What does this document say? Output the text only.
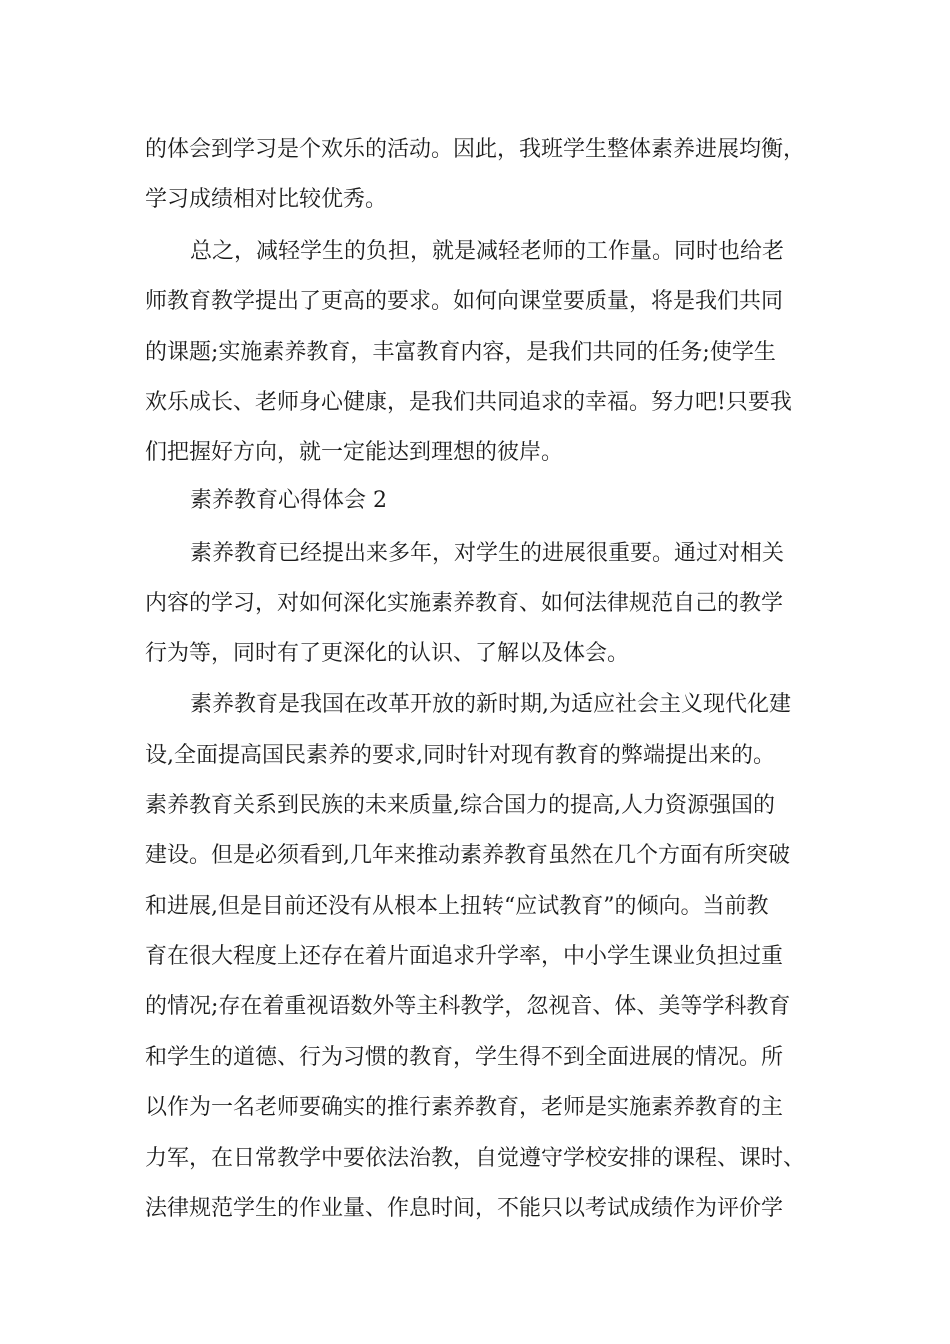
的体会到学习是个欢乐的活动。因此，我班学生整体素养进展均衡，

学习成绩相对比较优秀。

总之，减轻学生的负担，就是减轻老师的工作量。同时也给老

师教育教学提出了更高的要求。如何向课堂要质量，将是我们共同

的课题;实施素养教育，丰富教育内容，是我们共同的任务;使学生

欢乐成长、老师身心健康，是我们共同追求的幸福。努力吧!只要我

们把握好方向，就一定能达到理想的彼岸。

素养教育心得体会 2

素养教育已经提出来多年，对学生的进展很重要。通过对相关

内容的学习，对如何深化实施素养教育、如何法律规范自己的教学

行为等，同时有了更深化的认识、了解以及体会。

素养教育是我国在改革开放的新时期,为适应社会主义现代化建

设,全面提高国民素养的要求,同时针对现有教育的弊端提出来的。

素养教育关系到民族的未来质量,综合国力的提高,人力资源强国的

建设。但是必须看到,几年来推动素养教育虽然在几个方面有所突破

和进展,但是目前还没有从根本上扭转“应试教育”的倾向。当前教

育在很大程度上还存在着片面追求升学率，中小学生课业负担过重

的情况;存在着重视语数外等主科教学，忽视音、体、美等学科教育

和学生的道德、行为习惯的教育，学生得不到全面进展的情况。所

以作为一名老师要确实的推行素养教育，老师是实施素养教育的主

力军，在日常教学中要依法治教，自觉遵守学校安排的课程、课时、

法律规范学生的作业量、作息时间，不能只以考试成绩作为评价学
